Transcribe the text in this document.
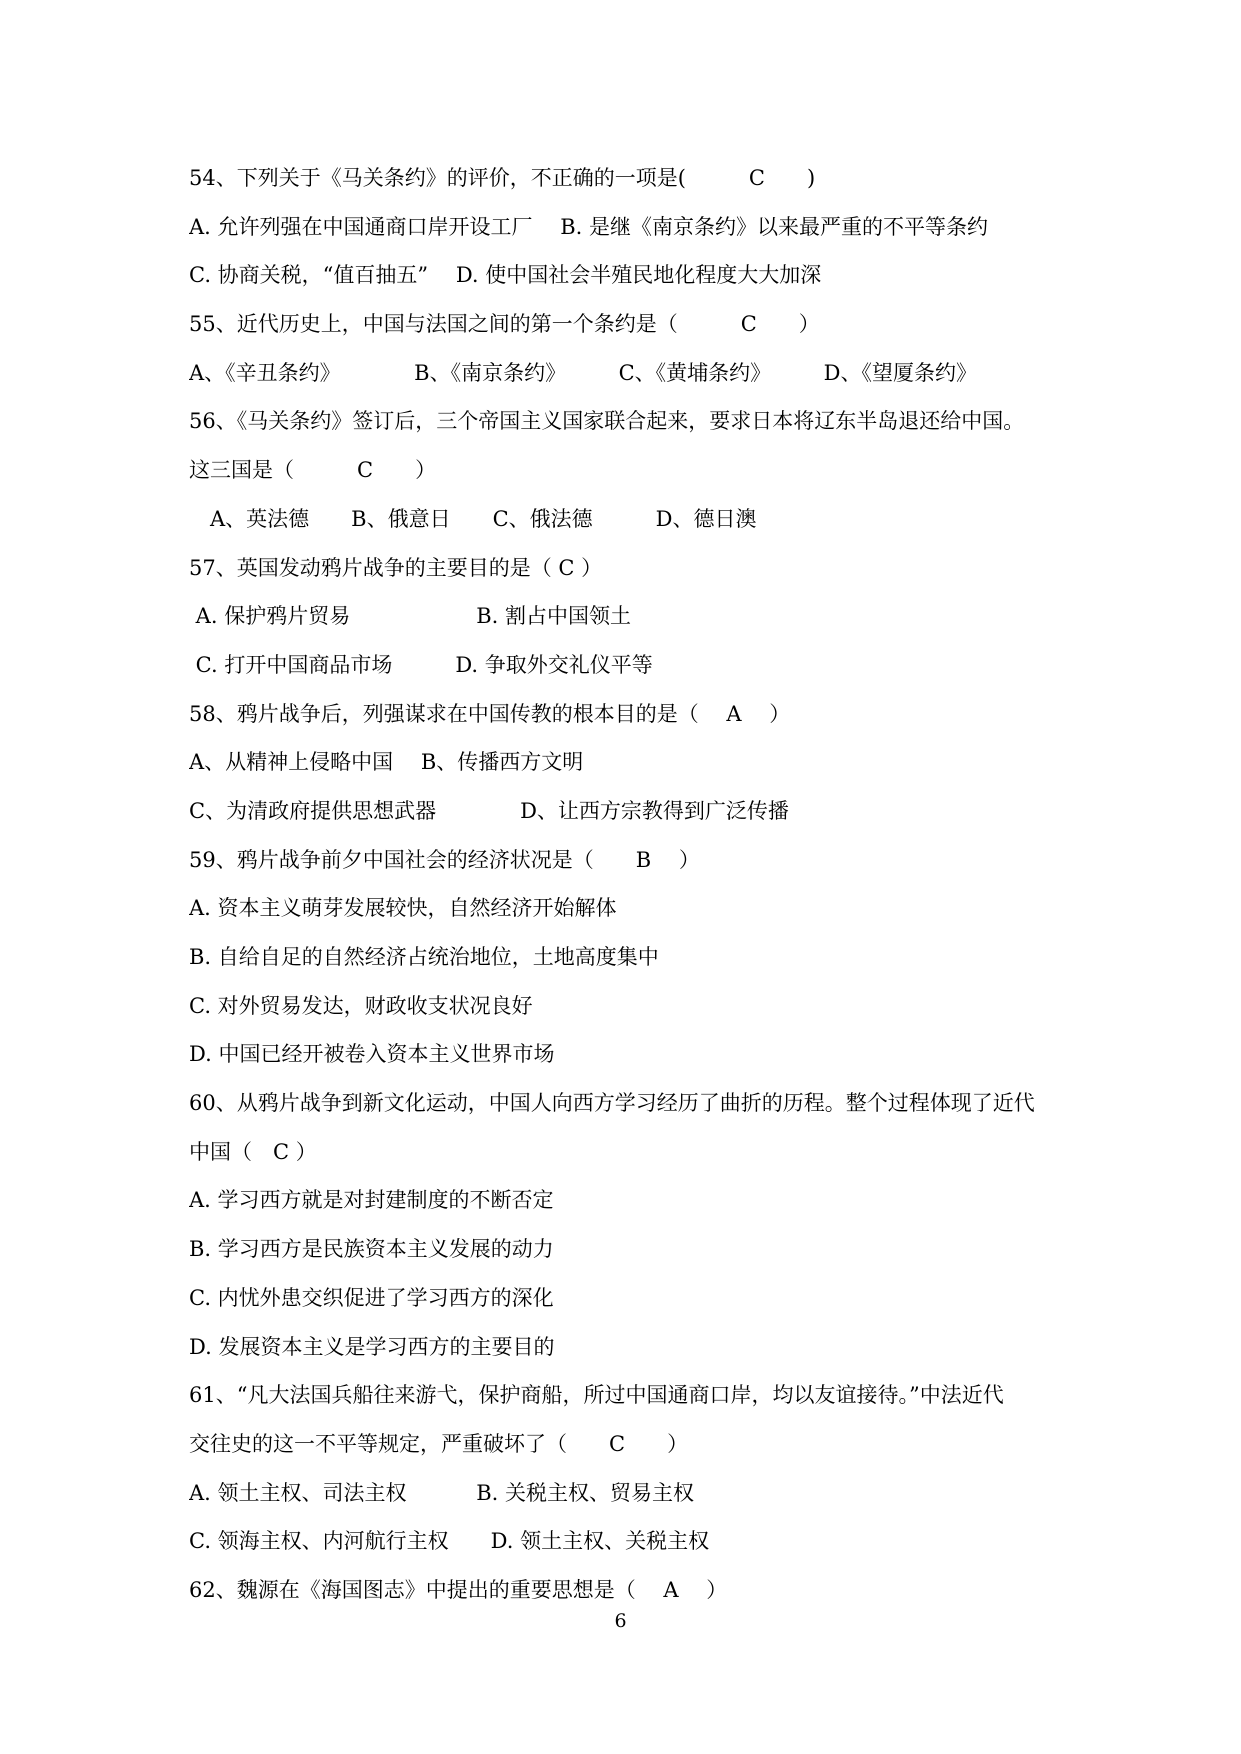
54、下列关于《马关条约》的评价，不正确的一项是(　　　C　　)
A. 允许列强在中国通商口岸开设工厂　 B. 是继《南京条约》以来最严重的不平等条约
C. 协商关税，“值百抽五”　 D. 使中国社会半殖民地化程度大大加深
55、近代历史上，中国与法国之间的第一个条约是（　　　C　　）
A、《辛丑条约》　　　　B、《南京条约》　　　C、《黄埔条约》　　　D、《望厦条约》
56、《马关条约》签订后，三个帝国主义国家联合起来，要求日本将辽东半岛退还给中国。
这三国是（　　　C　　）
　A、英法德　　B、俄意日　　C、俄法德　　　D、德日澳
57、英国发动鸦片战争的主要目的是（ C ）
A. 保护鸦片贸易　　　　　　B. 割占中国领土
C. 打开中国商品市场　　　D. 争取外交礼仪平等
58、鸦片战争后，列强谋求在中国传教的根本目的是（　 A　 ）
A、从精神上侵略中国　 B、传播西方文明
C、为清政府提供思想武器　　　　D、让西方宗教得到广泛传播
59、鸦片战争前夕中国社会的经济状况是（　　B　 ）
A. 资本主义萌芽发展较快，自然经济开始解体
B. 自给自足的自然经济占统治地位，土地高度集中
C. 对外贸易发达，财政收支状况良好
D. 中国已经开被卷入资本主义世界市场
60、从鸦片战争到新文化运动，中国人向西方学习经历了曲折的历程。整个过程体现了近代
中国（　C ）
A. 学习西方就是对封建制度的不断否定
B. 学习西方是民族资本主义发展的动力
C. 内忧外患交织促进了学习西方的深化
D. 发展资本主义是学习西方的主要目的
61、“凡大法国兵船往来游弋，保护商船，所过中国通商口岸，均以友谊接待。”中法近代
交往史的这一不平等规定，严重破坏了（　　C　　）
A. 领土主权、司法主权　　　 B. 关税主权、贸易主权
C. 领海主权、内河航行主权　　D. 领土主权、关税主权
62、魏源在《海国图志》中提出的重要思想是（　 A　 ）
6
